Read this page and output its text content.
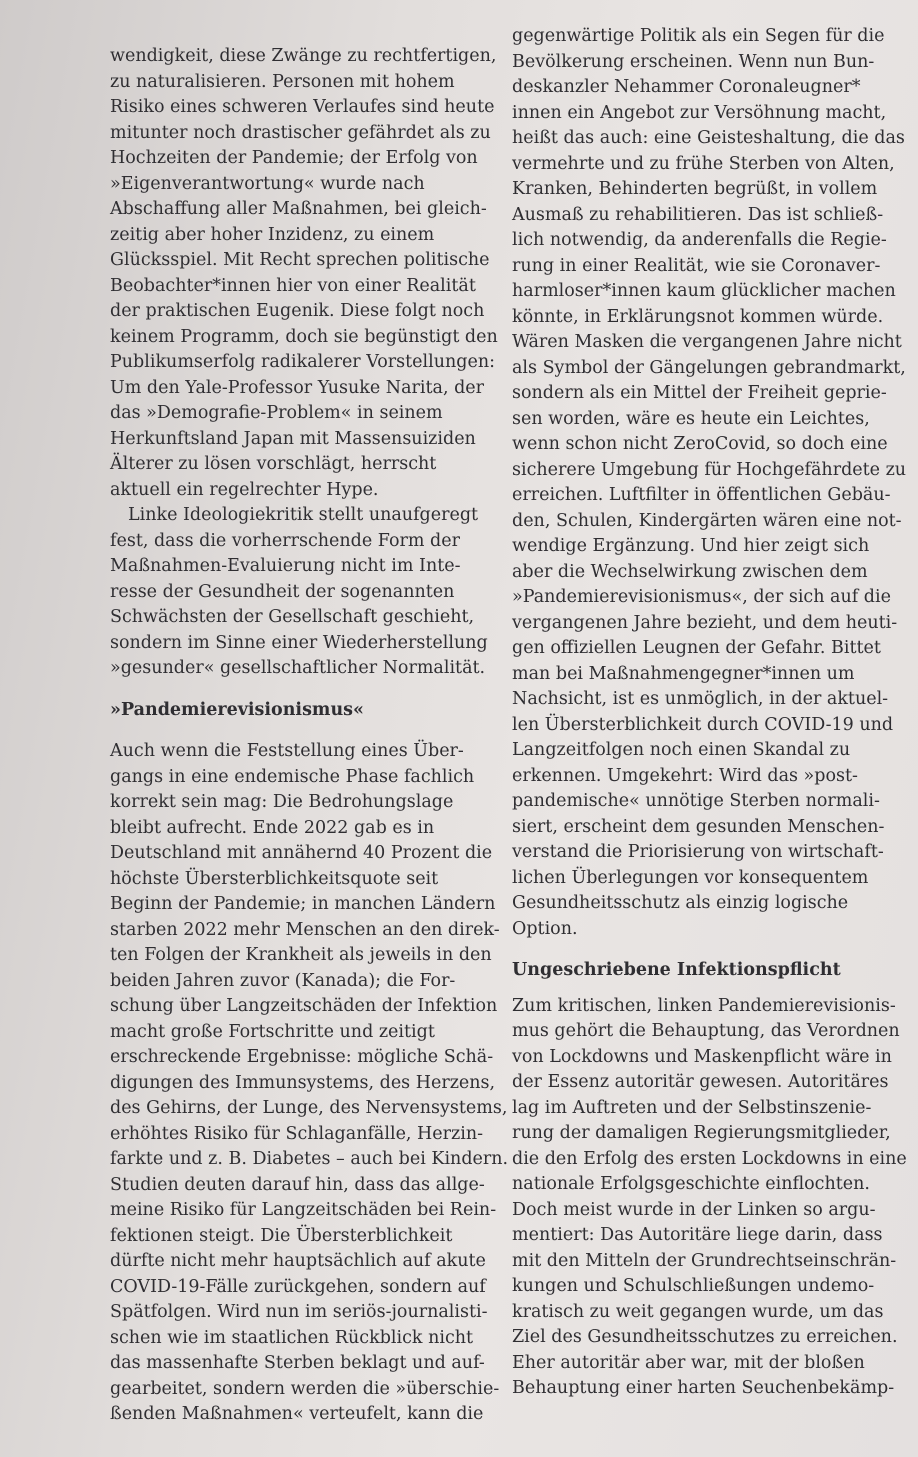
wendigkeit, diese Zwänge zu rechtfertigen,
zu naturalisieren. Personen mit hohem
Risiko eines schweren Verlaufes sind heute
mitunter noch drastischer gefährdet als zu
Hochzeiten der Pandemie; der Erfolg von
»Eigenverantwortung« wurde nach
Abschaffung aller Maßnahmen, bei gleich-
zeitig aber hoher Inzidenz, zu einem
Glücksspiel. Mit Recht sprechen politische
Beobachter*innen hier von einer Realität
der praktischen Eugenik. Diese folgt noch
keinem Programm, doch sie begünstigt den
Publikumserfolg radikalerer Vorstellungen:
Um den Yale-Professor Yusuke Narita, der
das »Demografie-Problem« in seinem
Herkunftsland Japan mit Massensuiziden
Älterer zu lösen vorschlägt, herrscht
aktuell ein regelrechter Hype.
Linke Ideologiekritik stellt unaufgeregt
fest, dass die vorherrschende Form der
Maßnahmen-Evaluierung nicht im Inte-
resse der Gesundheit der sogenannten
Schwächsten der Gesellschaft geschieht,
sondern im Sinne einer Wiederherstellung
»gesunder« gesellschaftlicher Normalität.
»Pandemierevisionismus«
Auch wenn die Feststellung eines Über-
gangs in eine endemische Phase fachlich
korrekt sein mag: Die Bedrohungslage
bleibt aufrecht. Ende 2022 gab es in
Deutschland mit annähernd 40 Prozent die
höchste Übersterblichkeitsquote seit
Beginn der Pandemie; in manchen Ländern
starben 2022 mehr Menschen an den direk-
ten Folgen der Krankheit als jeweils in den
beiden Jahren zuvor (Kanada); die For-
schung über Langzeitschäden der Infektion
macht große Fortschritte und zeitigt
erschreckende Ergebnisse: mögliche Schä-
digungen des Immunsystems, des Herzens,
des Gehirns, der Lunge, des Nervensystems,
erhöhtes Risiko für Schlaganfälle, Herzin-
farkte und z. B. Diabetes – auch bei Kindern.
Studien deuten darauf hin, dass das allge-
meine Risiko für Langzeitschäden bei Rein-
fektionen steigt. Die Übersterblichkeit
dürfte nicht mehr hauptsächlich auf akute
COVID-19-Fälle zurückgehen, sondern auf
Spätfolgen. Wird nun im seriös-journalisti-
schen wie im staatlichen Rückblick nicht
das massenhafte Sterben beklagt und auf-
gearbeitet, sondern werden die »überschie-
ßenden Maßnahmen« verteufelt, kann die
gegenwärtige Politik als ein Segen für die
Bevölkerung erscheinen. Wenn nun Bun-
deskanzler Nehammer Coronaleugner*
innen ein Angebot zur Versöhnung macht,
heißt das auch: eine Geisteshaltung, die das
vermehrte und zu frühe Sterben von Alten,
Kranken, Behinderten begrüßt, in vollem
Ausmaß zu rehabilitieren. Das ist schließ-
lich notwendig, da anderenfalls die Regie-
rung in einer Realität, wie sie Coronaver-
harmloser*innen kaum glücklicher machen
könnte, in Erklärungsnot kommen würde.
Wären Masken die vergangenen Jahre nicht
als Symbol der Gängelungen gebrandmarkt,
sondern als ein Mittel der Freiheit geprie-
sen worden, wäre es heute ein Leichtes,
wenn schon nicht ZeroCovid, so doch eine
sicherere Umgebung für Hochgefährdete zu
erreichen. Luftfilter in öffentlichen Gebäu-
den, Schulen, Kindergärten wären eine not-
wendige Ergänzung. Und hier zeigt sich
aber die Wechselwirkung zwischen dem
»Pandemierevisionismus«, der sich auf die
vergangenen Jahre bezieht, und dem heuti-
gen offiziellen Leugnen der Gefahr. Bittet
man bei Maßnahmengegner*innen um
Nachsicht, ist es unmöglich, in der aktuel-
len Übersterblichkeit durch COVID-19 und
Langzeitfolgen noch einen Skandal zu
erkennen. Umgekehrt: Wird das »post-
pandemische« unnötige Sterben normali-
siert, erscheint dem gesunden Menschen-
verstand die Priorisierung von wirtschaft-
lichen Überlegungen vor konsequentem
Gesundheitsschutz als einzig logische
Option.
Ungeschriebene Infektionspflicht
Zum kritischen, linken Pandemierevisionis-
mus gehört die Behauptung, das Verordnen
von Lockdowns und Maskenpflicht wäre in
der Essenz autoritär gewesen. Autoritäres
lag im Auftreten und der Selbstinszenie-
rung der damaligen Regierungsmitglieder,
die den Erfolg des ersten Lockdowns in eine
nationale Erfolgsgeschichte einflochten.
Doch meist wurde in der Linken so argu-
mentiert: Das Autoritäre liege darin, dass
mit den Mitteln der Grundrechtseinschrän-
kungen und Schulschließungen undemo-
kratisch zu weit gegangen wurde, um das
Ziel des Gesundheitsschutzes zu erreichen.
Eher autoritär aber war, mit der bloßen
Behauptung einer harten Seuchenbekämp-
